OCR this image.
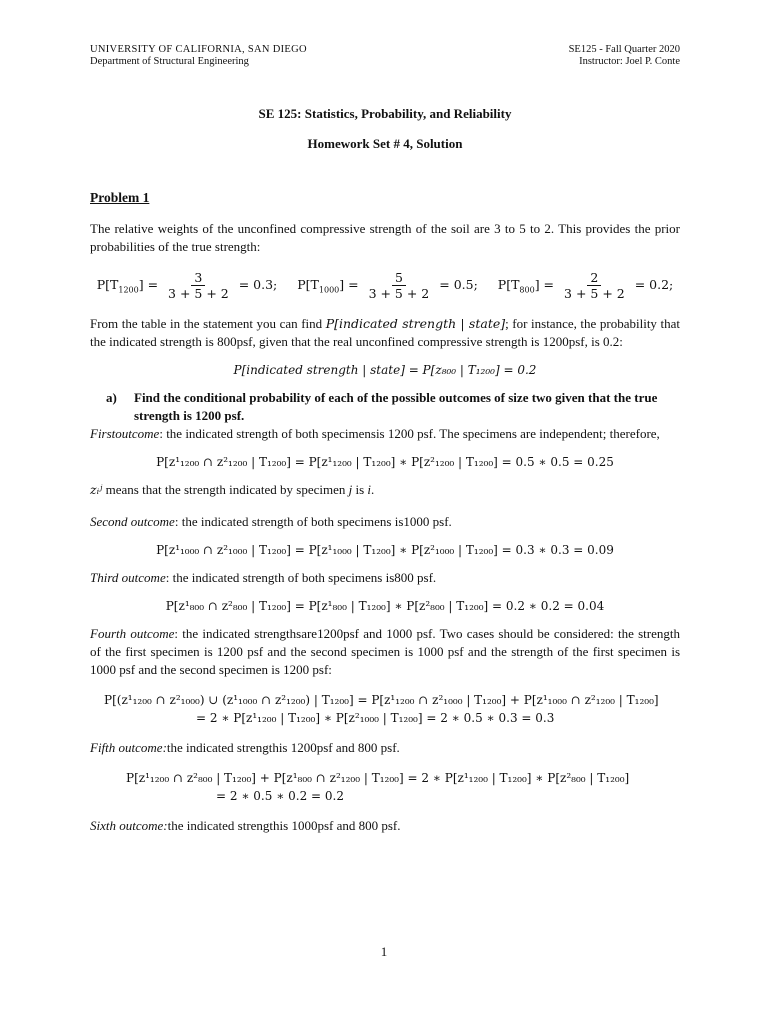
UNIVERSITY OF CALIFORNIA, SAN DIEGO
Department of Structural Engineering
SE125 - Fall Quarter 2020
Instructor: Joel P. Conte
SE 125: Statistics, Probability, and Reliability
Homework Set # 4, Solution
Problem 1

The relative weights of the unconfined compressive strength of the soil are 3 to 5 to 2. This provides the prior probabilities of the true strength:

$P[T_{1200}] = \frac{3}{3 + 5 + 2} = 0.3$; $P[T_{1000}] = \frac{5}{3 + 5 + 2} = 0.5$; $P[T_{800}] = \frac{2}{3 + 5 + 2} = 0.2$;

From the table in the statement you can find P[indicated strength | state]; for instance, the probability that the indicated strength is 800psf, given that the real unconfined compressive strength is 1200psf, is 0.2:

P[indicated strength | state] = P[z₈₀₀ | T₁₂₀₀] = 0.2
a)	Find the conditional probability of each of the possible outcomes of size two given that the true strength is 1200 psf.

Firstoutcome: the indicated strength of both specimensis 1200 psf. The specimens are independent; therefore,

P[z¹₁₂₀₀ ∩ z²₁₂₀₀ | T₁₂₀₀] = P[z¹₁₂₀₀ | T₁₂₀₀] ∗ P[z²₁₂₀₀ | T₁₂₀₀] = 0.5 ∗ 0.5 = 0.25

zᵢʲ means that the strength indicated by specimen j is i.

Second outcome: the indicated strength of both specimens is1000 psf.

P[z¹₁₀₀₀ ∩ z²₁₀₀₀ | T₁₂₀₀] = P[z¹₁₀₀₀ | T₁₂₀₀] ∗ P[z²₁₀₀₀ | T₁₂₀₀] = 0.3 ∗ 0.3 = 0.09

Third outcome: the indicated strength of both specimens is800 psf.

P[z¹₈₀₀ ∩ z²₈₀₀ | T₁₂₀₀] = P[z¹₈₀₀ | T₁₂₀₀] ∗ P[z²₈₀₀ | T₁₂₀₀] = 0.2 ∗ 0.2 = 0.04

Fourth outcome: the indicated strengthsare1200psf and 1000 psf. Two cases should be considered: the strength of the first specimen is 1200 psf and the second specimen is 1000 psf and the strength of the first specimen is 1000 psf and the second specimen is 1200 psf:

P[(z¹₁₂₀₀ ∩ z²₁₀₀₀) ∪ (z¹₁₀₀₀ ∩ z²₁₂₀₀) | T₁₂₀₀] = P[z¹₁₂₀₀ ∩ z²₁₀₀₀ | T₁₂₀₀] + P[z¹₁₀₀₀ ∩ z²₁₂₀₀ | T₁₂₀₀]
= 2 ∗ P[z¹₁₂₀₀ | T₁₂₀₀] ∗ P[z²₁₀₀₀ | T₁₂₀₀] = 2 ∗ 0.5 ∗ 0.3 = 0.3

Fifth outcome:the indicated strengthis 1200psf and 800 psf.

P[z¹₁₂₀₀ ∩ z²₈₀₀ | T₁₂₀₀] + P[z¹₈₀₀ ∩ z²₁₂₀₀ | T₁₂₀₀] = 2 ∗ P[z¹₁₂₀₀ | T₁₂₀₀] ∗ P[z²₈₀₀ | T₁₂₀₀]
= 2 ∗ 0.5 ∗ 0.2 = 0.2

Sixth outcome:the indicated strengthis 1000psf and 800 psf.

1
